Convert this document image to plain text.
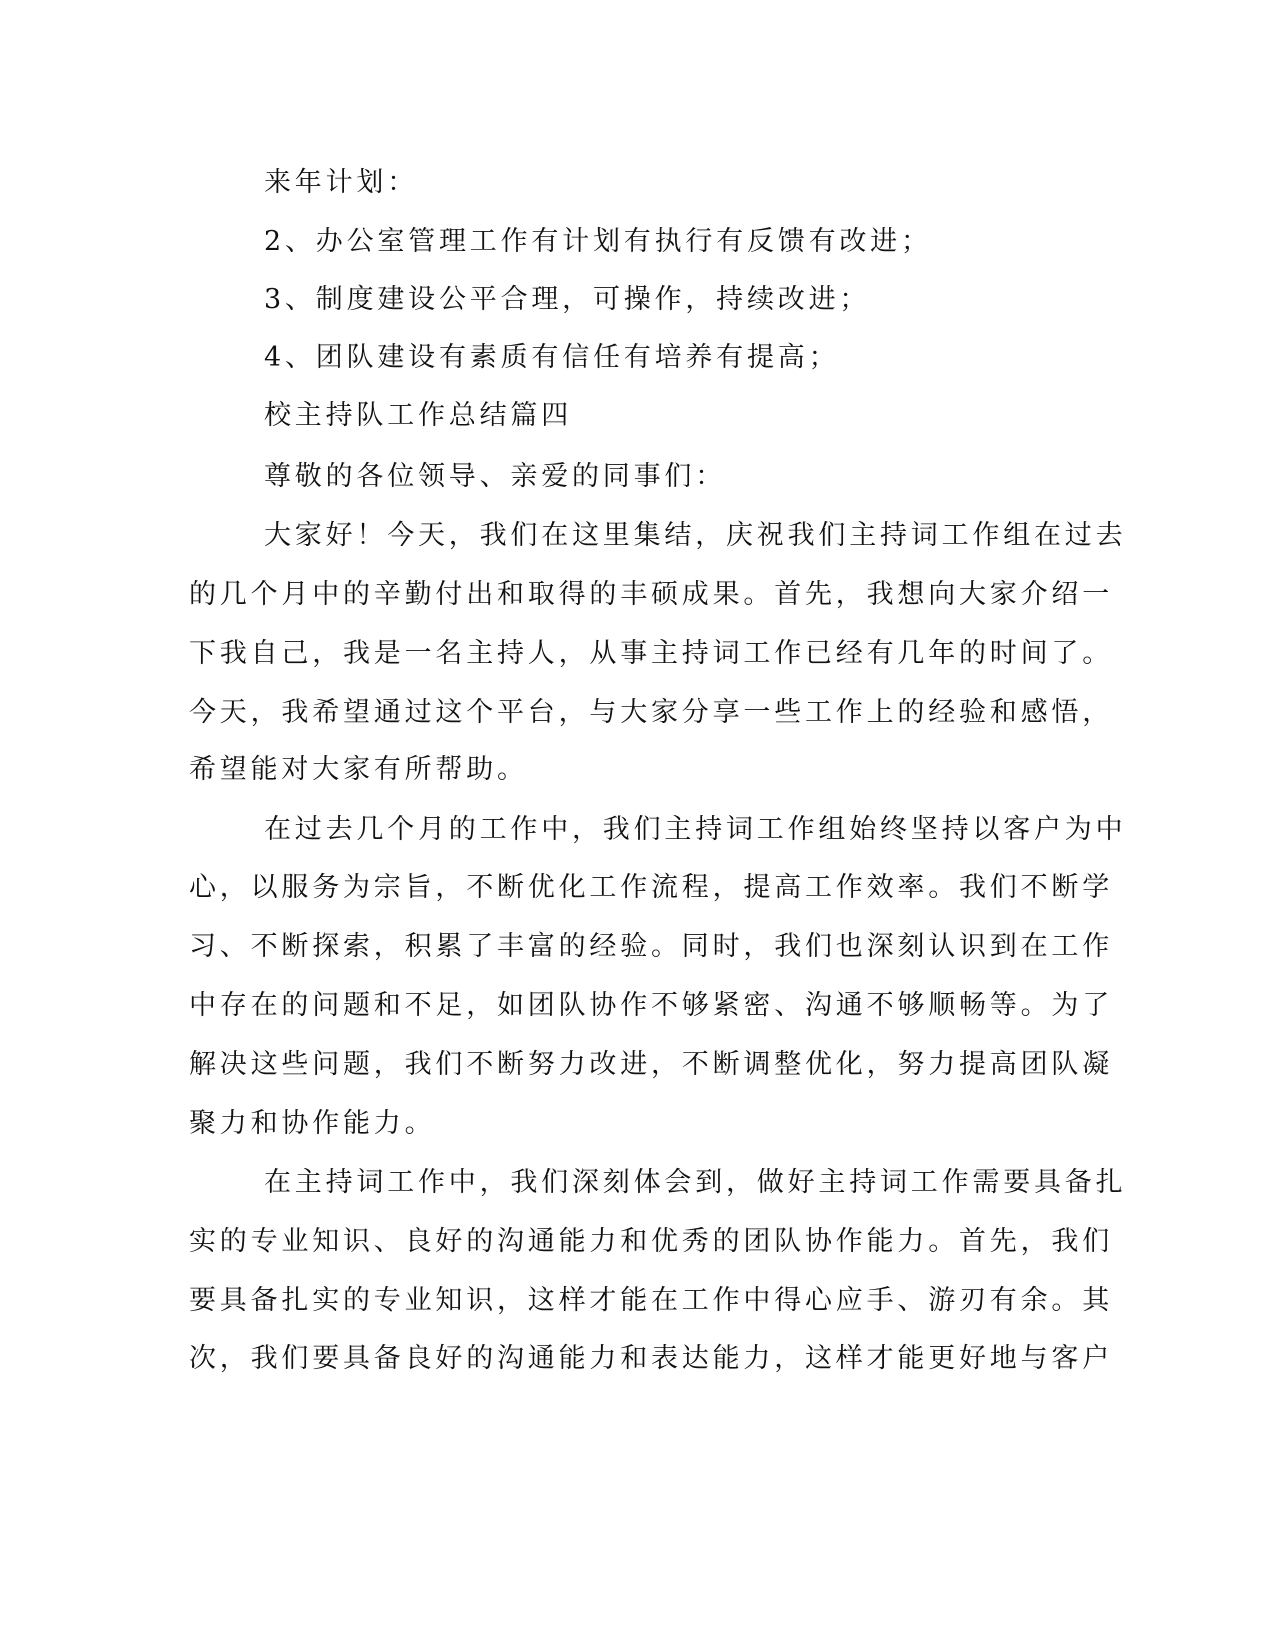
来年计划：
2、办公室管理工作有计划有执行有反馈有改进；
3、制度建设公平合理，可操作，持续改进；
4、团队建设有素质有信任有培养有提高；
校主持队工作总结篇四
尊敬的各位领导、亲爱的同事们：
大家好！今天，我们在这里集结，庆祝我们主持词工作组在过去
的几个月中的辛勤付出和取得的丰硕成果。首先，我想向大家介绍一
下我自己，我是一名主持人，从事主持词工作已经有几年的时间了。
今天，我希望通过这个平台，与大家分享一些工作上的经验和感悟，
希望能对大家有所帮助。
在过去几个月的工作中，我们主持词工作组始终坚持以客户为中
心，以服务为宗旨，不断优化工作流程，提高工作效率。我们不断学
习、不断探索，积累了丰富的经验。同时，我们也深刻认识到在工作
中存在的问题和不足，如团队协作不够紧密、沟通不够顺畅等。为了
解决这些问题，我们不断努力改进，不断调整优化，努力提高团队凝
聚力和协作能力。
在主持词工作中，我们深刻体会到，做好主持词工作需要具备扎
实的专业知识、良好的沟通能力和优秀的团队协作能力。首先，我们
要具备扎实的专业知识，这样才能在工作中得心应手、游刃有余。其
次，我们要具备良好的沟通能力和表达能力，这样才能更好地与客户
